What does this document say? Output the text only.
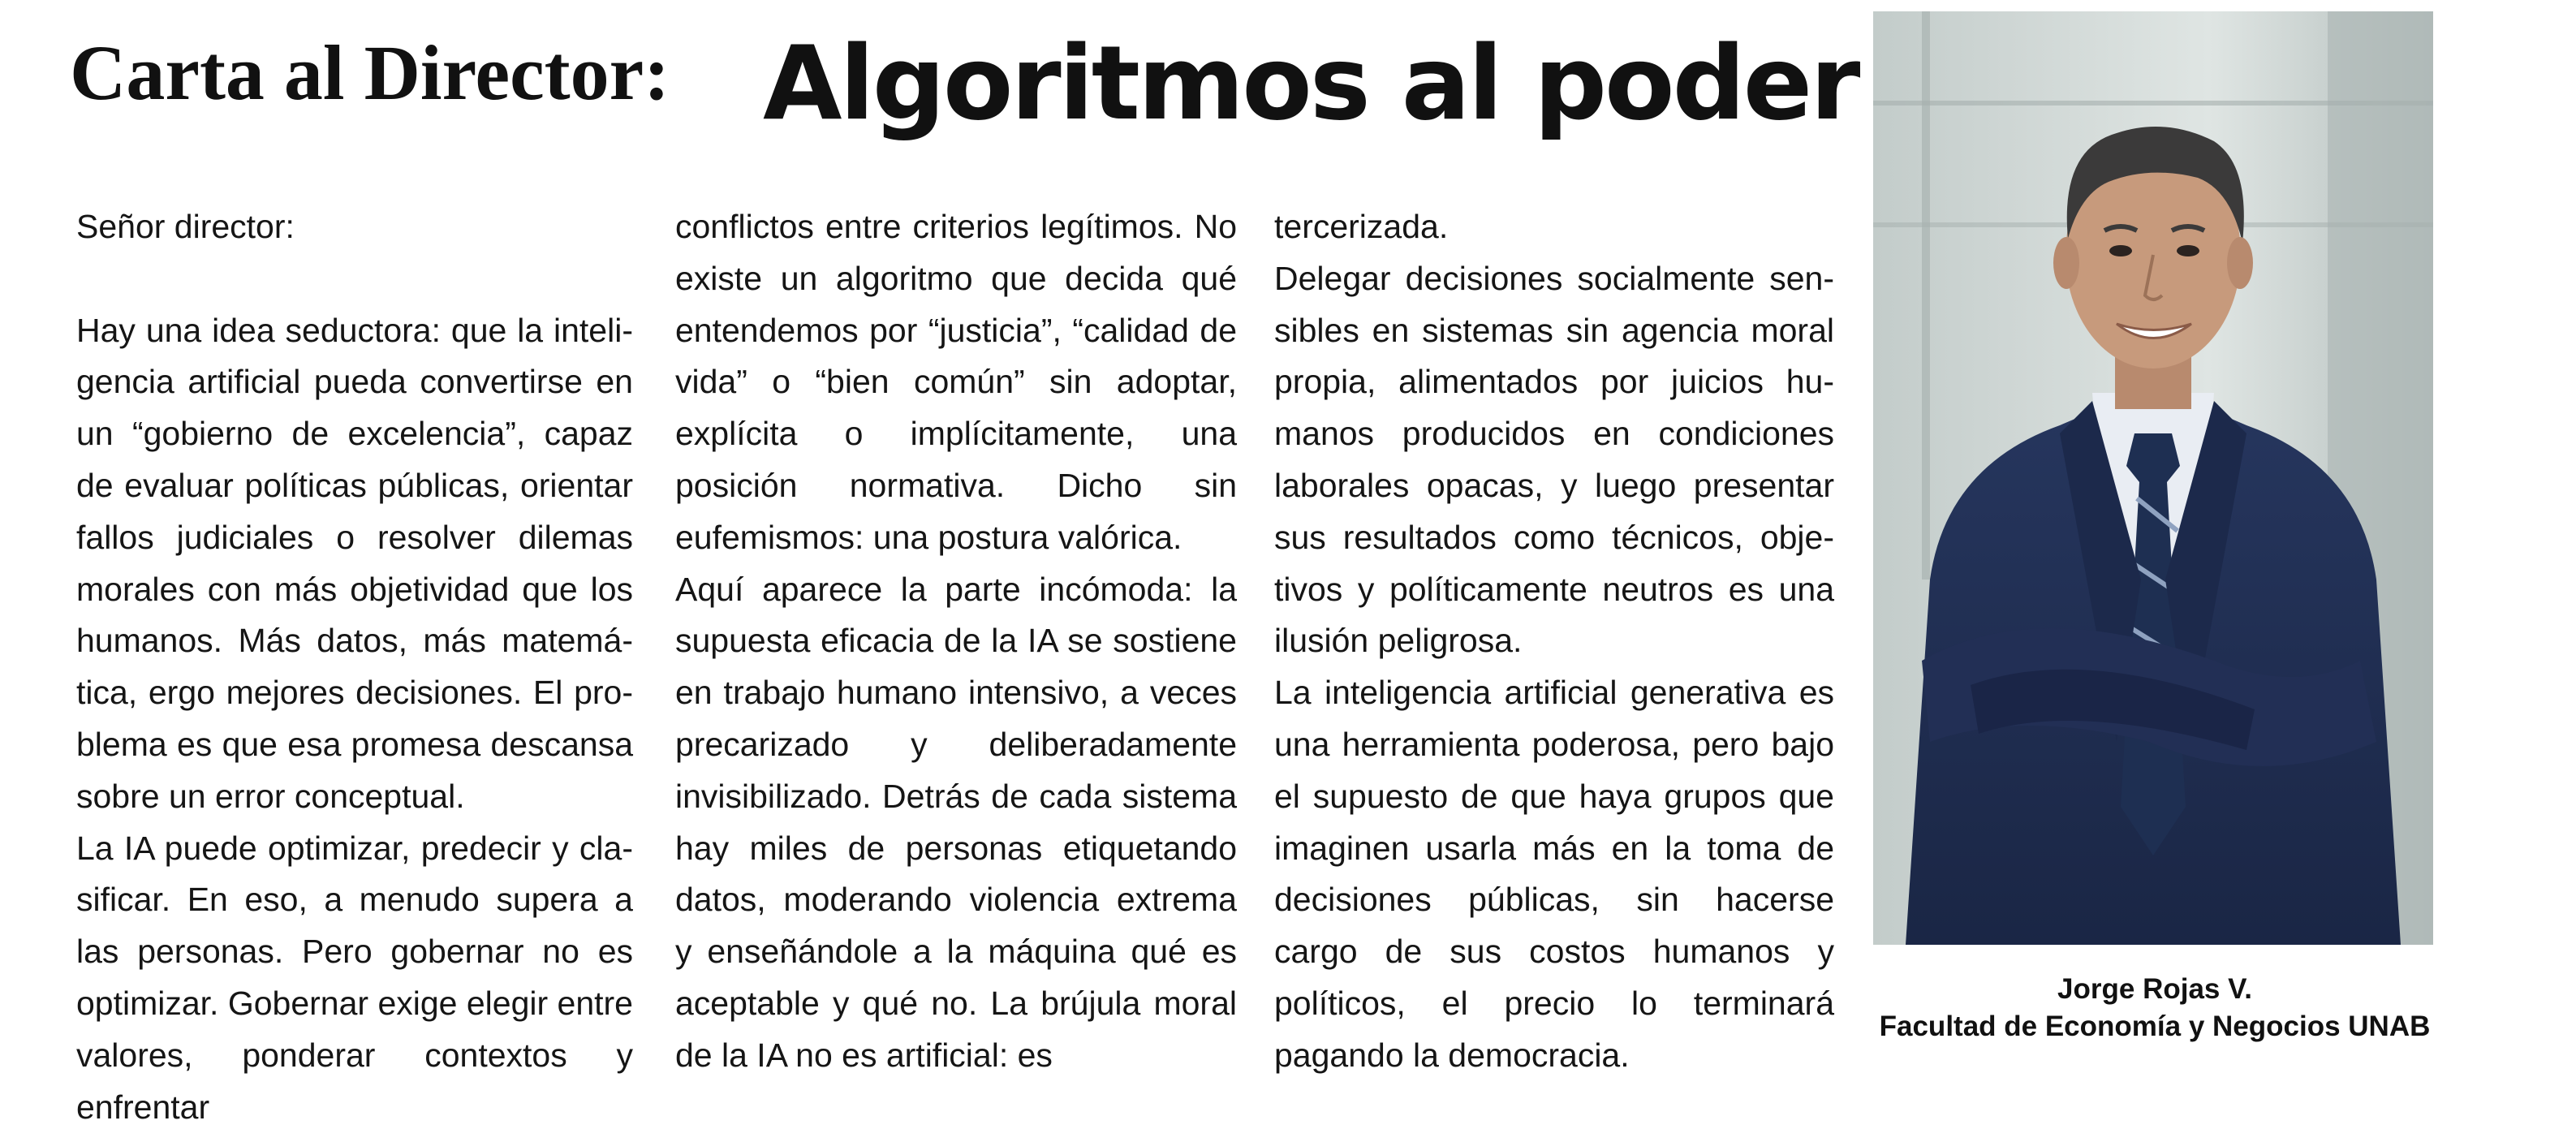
Carta al Director: Algoritmos al poder

Señor director:

Hay una idea seductora: que la inteligencia artificial pueda convertirse en un “gobierno de excelencia”, capaz de evaluar políticas públicas, orientar fallos judiciales o resolver dilemas morales con más objetividad que los humanos. Más datos, más matemática, ergo mejores decisiones. El problema es que esa promesa descansa sobre un error conceptual.

La IA puede optimizar, predecir y clasificar. En eso, a menudo supera a las personas. Pero gobernar no es optimizar. Gobernar exige elegir entre valores, ponderar contextos y enfrentar

conflictos entre criterios legítimos. No existe un algoritmo que decida qué entendemos por “justicia”, “calidad de vida” o “bien común” sin adoptar, explícita o implícitamente, una posición normativa. Dicho sin eufemismos: una postura valórica.

Aquí aparece la parte incómoda: la supuesta eficacia de la IA se sostiene en trabajo humano intensivo, a veces precarizado y deliberadamente invisibilizado. Detrás de cada sistema hay miles de personas etiquetando datos, moderando violencia extrema y enseñándole a la máquina qué es aceptable y qué no. La brújula moral de la IA no es artificial: es

tercerizada.

Delegar decisiones socialmente sensibles en sistemas sin agencia moral propia, alimentados por juicios humanos producidos en condiciones laborales opacas, y luego presentar sus resultados como técnicos, objetivos y políticamente neutros es una ilusión peligrosa.

La inteligencia artificial generativa es una herramienta poderosa, pero bajo el supuesto de que haya grupos que imaginen usarla más en la toma de decisiones públicas, sin hacerse cargo de sus costos humanos y políticos, el precio lo terminará pagando la democracia.

Jorge Rojas V.
Facultad de Economía y Negocios UNAB
